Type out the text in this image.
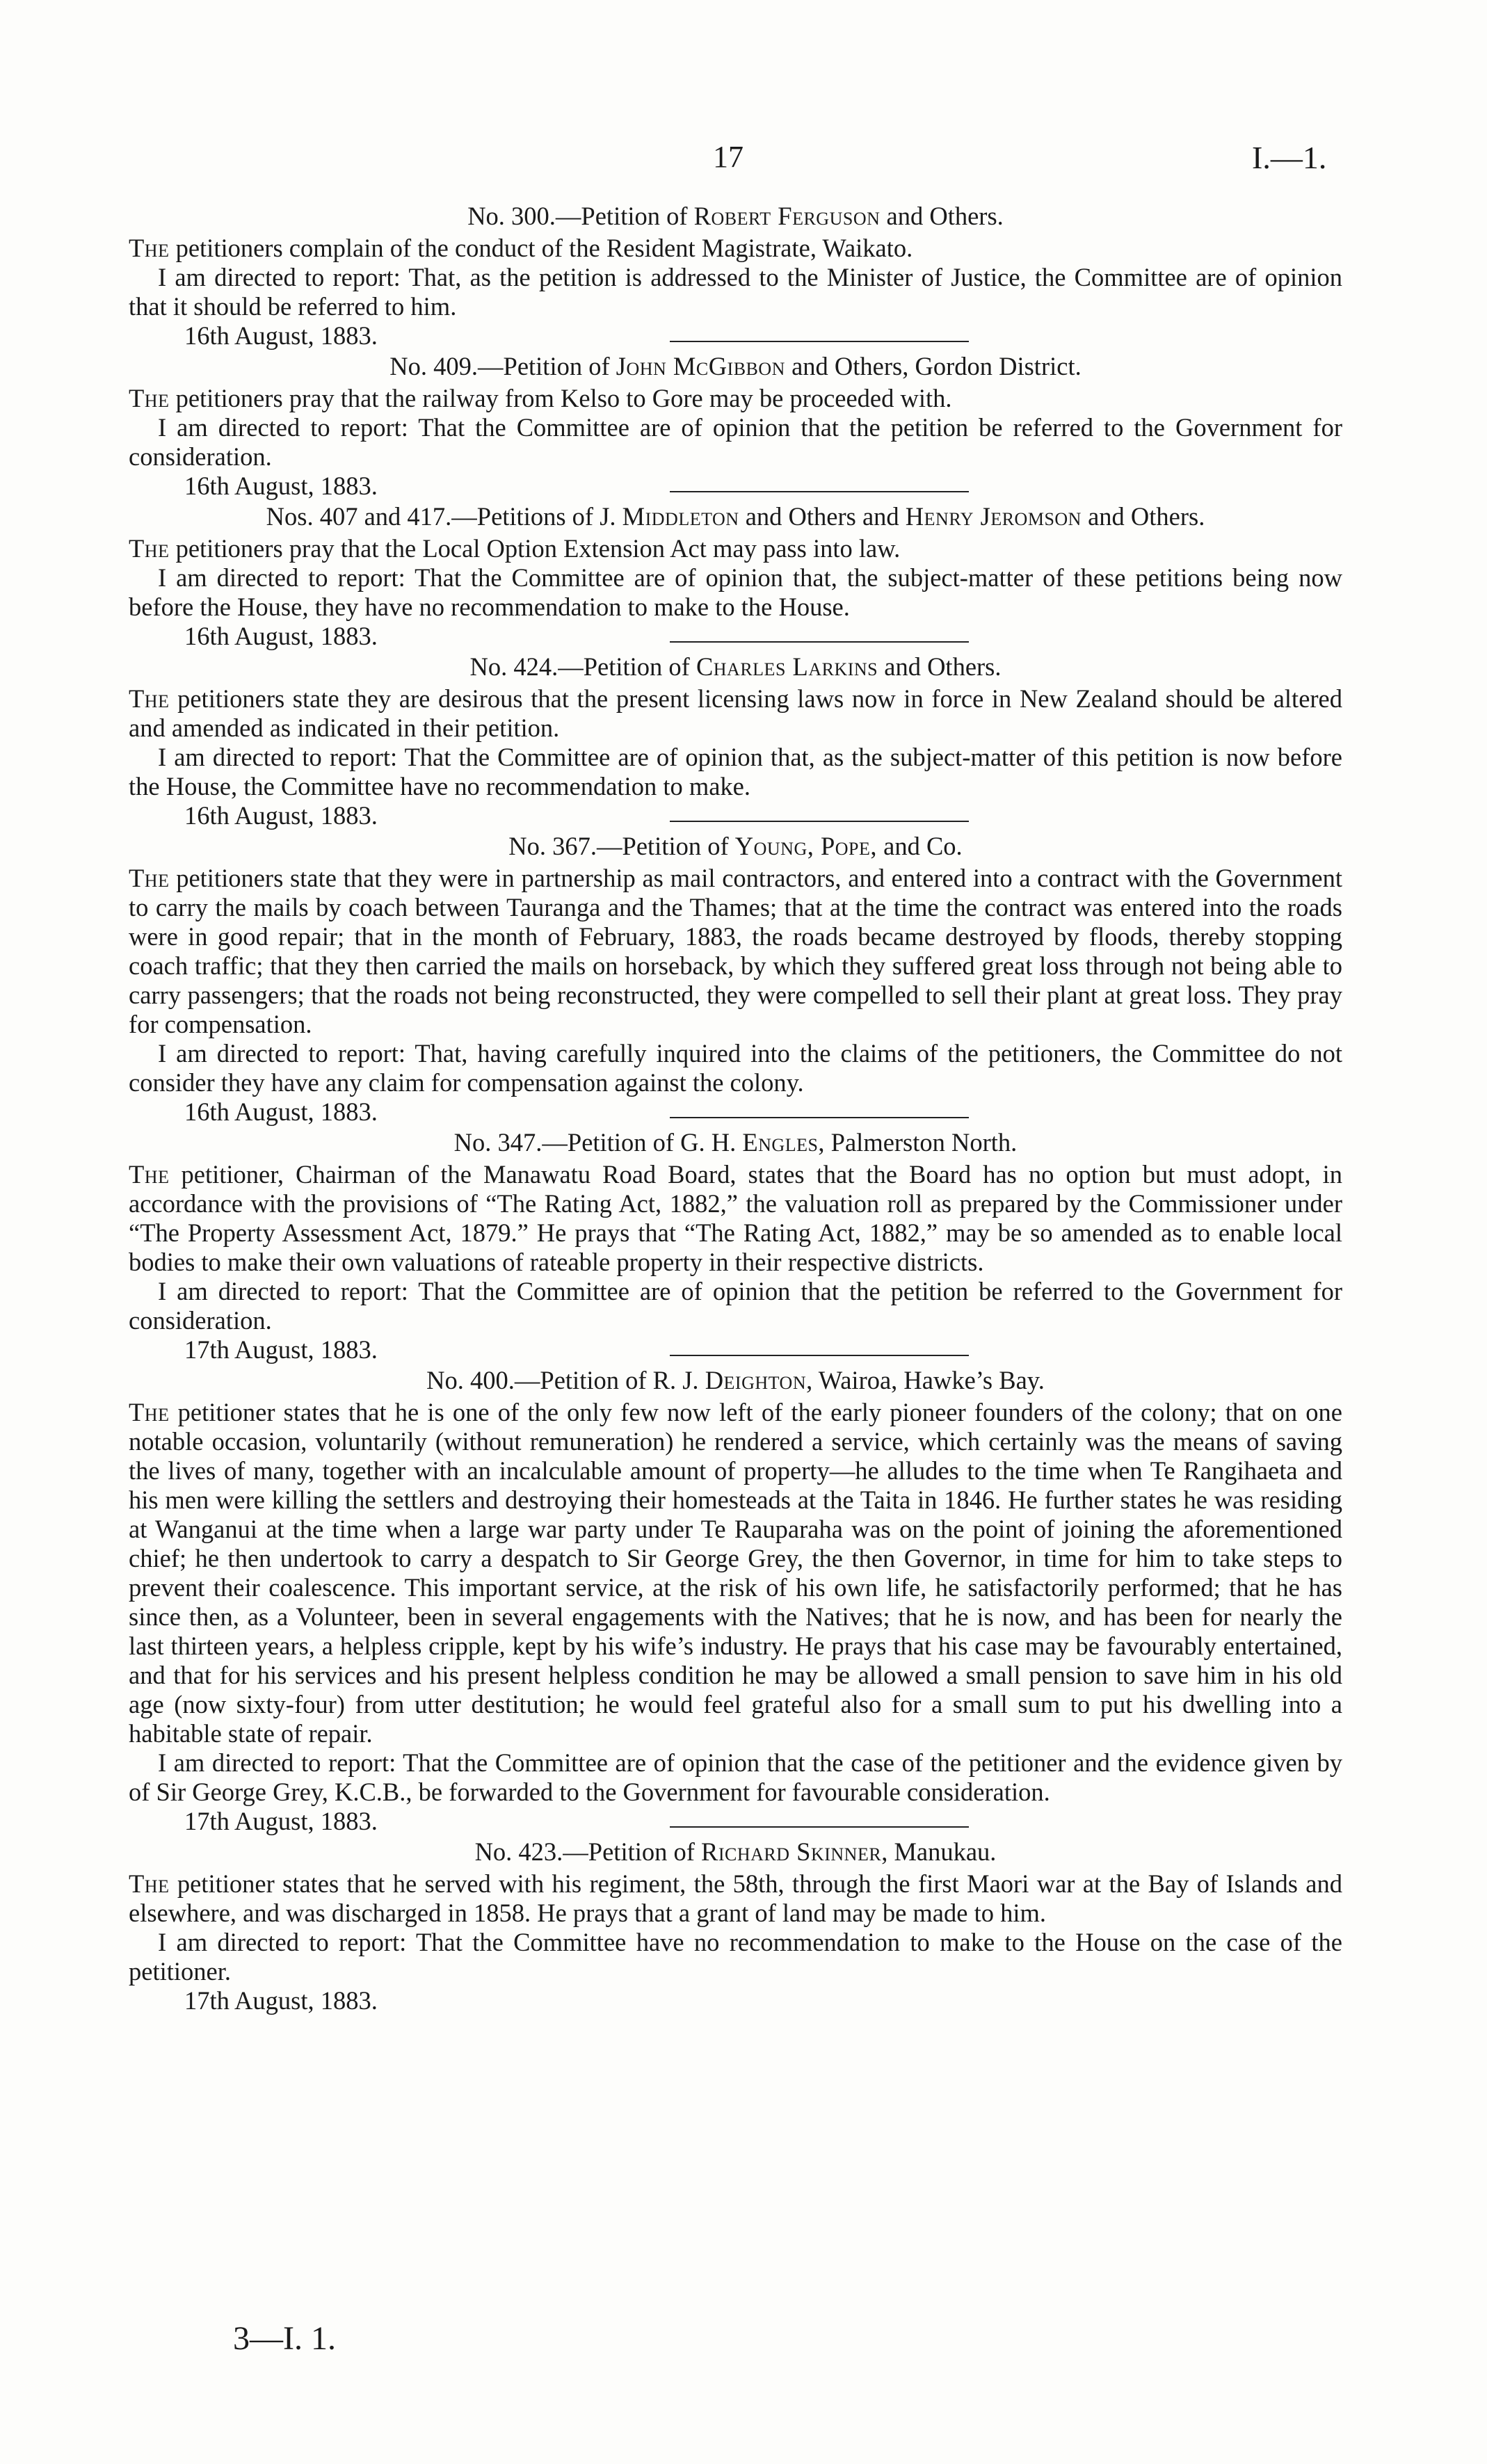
17	I.—1.

No. 300.—Petition of Robert Ferguson and Others.

The petitioners complain of the conduct of the Resident Magistrate, Waikato.

I am directed to report: That, as the petition is addressed to the Minister of Justice, the Committee are of opinion that it should be referred to him.

16th August, 1883.

No. 409.—Petition of John McGibbon and Others, Gordon District.

The petitioners pray that the railway from Kelso to Gore may be proceeded with.

I am directed to report: That the Committee are of opinion that the petition be referred to the Government for consideration.

16th August, 1883.

Nos. 407 and 417.—Petitions of J. Middleton and Others and Henry Jeromson and Others.

The petitioners pray that the Local Option Extension Act may pass into law.

I am directed to report: That the Committee are of opinion that, the subject-matter of these petitions being now before the House, they have no recommendation to make to the House.

16th August, 1883.

No. 424.—Petition of Charles Larkins and Others.

The petitioners state they are desirous that the present licensing laws now in force in New Zealand should be altered and amended as indicated in their petition.

I am directed to report: That the Committee are of opinion that, as the subject-matter of this petition is now before the House, the Committee have no recommendation to make.

16th August, 1883.

No. 367.—Petition of Young, Pope, and Co.

The petitioners state that they were in partnership as mail contractors, and entered into a contract with the Government to carry the mails by coach between Tauranga and the Thames; that at the time the contract was entered into the roads were in good repair; that in the month of February, 1883, the roads became destroyed by floods, thereby stopping coach traffic; that they then carried the mails on horseback, by which they suffered great loss through not being able to carry passengers; that the roads not being reconstructed, they were compelled to sell their plant at great loss. They pray for compensation.

I am directed to report: That, having carefully inquired into the claims of the petitioners, the Committee do not consider they have any claim for compensation against the colony.

16th August, 1883.

No. 347.—Petition of G. H. Engles, Palmerston North.

The petitioner, Chairman of the Manawatu Road Board, states that the Board has no option but must adopt, in accordance with the provisions of “The Rating Act, 1882,” the valuation roll as prepared by the Commissioner under “The Property Assessment Act, 1879.” He prays that “The Rating Act, 1882,” may be so amended as to enable local bodies to make their own valuations of rateable property in their respective districts.

I am directed to report: That the Committee are of opinion that the petition be referred to the Government for consideration.

17th August, 1883.

No. 400.—Petition of R. J. Deighton, Wairoa, Hawke’s Bay.

The petitioner states that he is one of the only few now left of the early pioneer founders of the colony; that on one notable occasion, voluntarily (without remuneration) he rendered a service, which certainly was the means of saving the lives of many, together with an incalculable amount of property—he alludes to the time when Te Rangihaeta and his men were killing the settlers and destroying their homesteads at the Taita in 1846. He further states he was residing at Wanganui at the time when a large war party under Te Rauparaha was on the point of joining the aforementioned chief; he then undertook to carry a despatch to Sir George Grey, the then Governor, in time for him to take steps to prevent their coalescence. This important service, at the risk of his own life, he satisfactorily performed; that he has since then, as a Volunteer, been in several engagements with the Natives; that he is now, and has been for nearly the last thirteen years, a helpless cripple, kept by his wife’s industry. He prays that his case may be favourably entertained, and that for his services and his present helpless condition he may be allowed a small pension to save him in his old age (now sixty-four) from utter destitution; he would feel grateful also for a small sum to put his dwelling into a habitable state of repair.

I am directed to report: That the Committee are of opinion that the case of the petitioner and the evidence given by of Sir George Grey, K.C.B., be forwarded to the Government for favourable consideration.

17th August, 1883.

No. 423.—Petition of Richard Skinner, Manukau.

The petitioner states that he served with his regiment, the 58th, through the first Maori war at the Bay of Islands and elsewhere, and was discharged in 1858. He prays that a grant of land may be made to him.

I am directed to report: That the Committee have no recommendation to make to the House on the case of the petitioner.

17th August, 1883.

3—I. 1.
